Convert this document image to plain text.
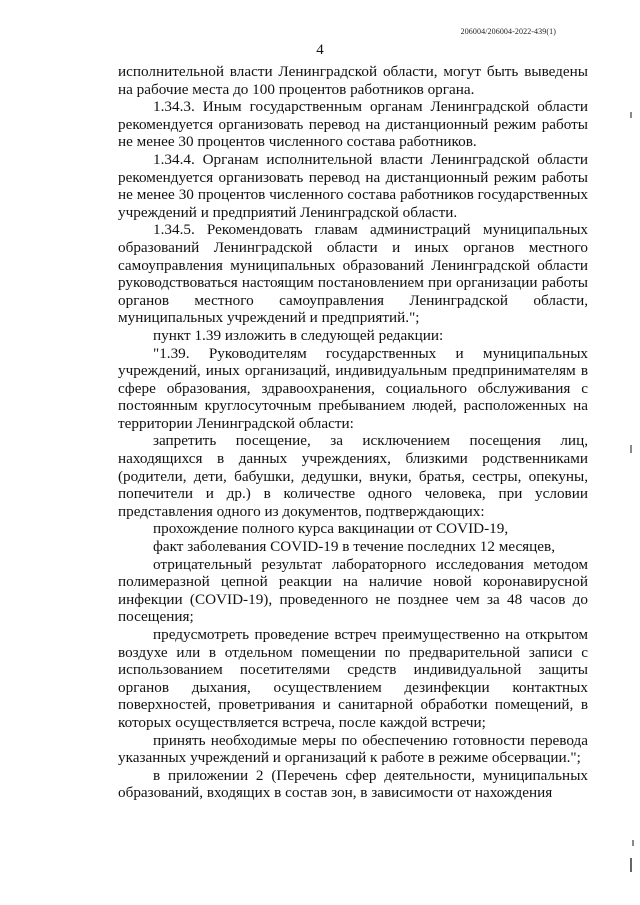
206004/206004-2022-439(1)
4

исполнительной власти Ленинградской области, могут быть выведены на рабочие места до 100 процентов работников органа.

1.34.3. Иным государственным органам Ленинградской области рекомендуется организовать перевод на дистанционный режим работы не менее 30 процентов численного состава работников.

1.34.4. Органам исполнительной власти Ленинградской области рекомендуется организовать перевод на дистанционный режим работы не менее 30 процентов численного состава работников государственных учреждений и предприятий Ленинградской области.

1.34.5. Рекомендовать главам администраций муниципальных образований Ленинградской области и иных органов местного самоуправления муниципальных образований Ленинградской области руководствоваться настоящим постановлением при организации работы органов местного самоуправления Ленинградской области, муниципальных учреждений и предприятий.";

пункт 1.39 изложить в следующей редакции:

"1.39. Руководителям государственных и муниципальных учреждений, иных организаций, индивидуальным предпринимателям в сфере образования, здравоохранения, социального обслуживания с постоянным круглосуточным пребыванием людей, расположенных на территории Ленинградской области:

запретить посещение, за исключением посещения лиц, находящихся в данных учреждениях, близкими родственниками (родители, дети, бабушки, дедушки, внуки, братья, сестры, опекуны, попечители и др.) в количестве одного человека, при условии представления одного из документов, подтверждающих:

прохождение полного курса вакцинации от COVID-19,

факт заболевания COVID-19 в течение последних 12 месяцев,

отрицательный результат лабораторного исследования методом полимеразной цепной реакции на наличие новой коронавирусной инфекции (COVID-19), проведенного не позднее чем за 48 часов до посещения;

предусмотреть проведение встреч преимущественно на открытом воздухе или в отдельном помещении по предварительной записи с использованием посетителями средств индивидуальной защиты органов дыхания, осуществлением дезинфекции контактных поверхностей, проветривания и санитарной обработки помещений, в которых осуществляется встреча, после каждой встречи;

принять необходимые меры по обеспечению готовности перевода указанных учреждений и организаций к работе в режиме обсервации.";

в приложении 2 (Перечень сфер деятельности, муниципальных образований, входящих в состав зон, в зависимости от нахождения
